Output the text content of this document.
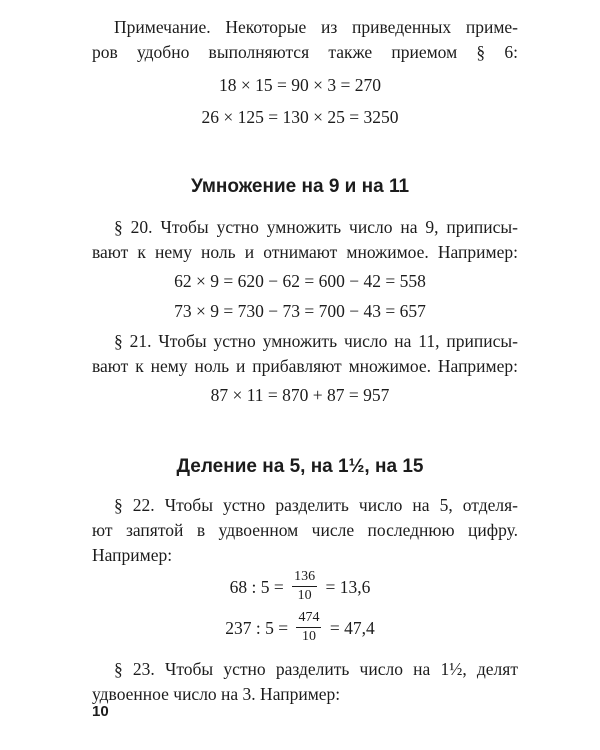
Примечание. Некоторые из приведенных приме-
ров удобно выполняются также приемом § 6:
18 × 15 = 90 × 3 = 270
26 × 125 = 130 × 25 = 3250
Умножение на 9 и на 11
§ 20. Чтобы устно умножить число на 9, приписы-
вают к нему ноль и отнимают множимое. Например:
62 × 9 = 620 − 62 = 600 − 42 = 558
73 × 9 = 730 − 73 = 700 − 43 = 657
§ 21. Чтобы устно умножить число на 11, приписы-
вают к нему ноль и прибавляют множимое. Например:
87 × 11 = 870 + 87 = 957
Деление на 5, на 1½, на 15
§ 22. Чтобы устно разделить число на 5, отделя-
ют запятой в удвоенном числе последнюю цифру.
Например:
68 : $5 = \frac{136}{10} = 13,6$
237 : $5 = \frac{474}{10} = 47,4$
§ 23. Чтобы устно разделить число на 1½, делят
удвоенное число на 3. Например:
10
